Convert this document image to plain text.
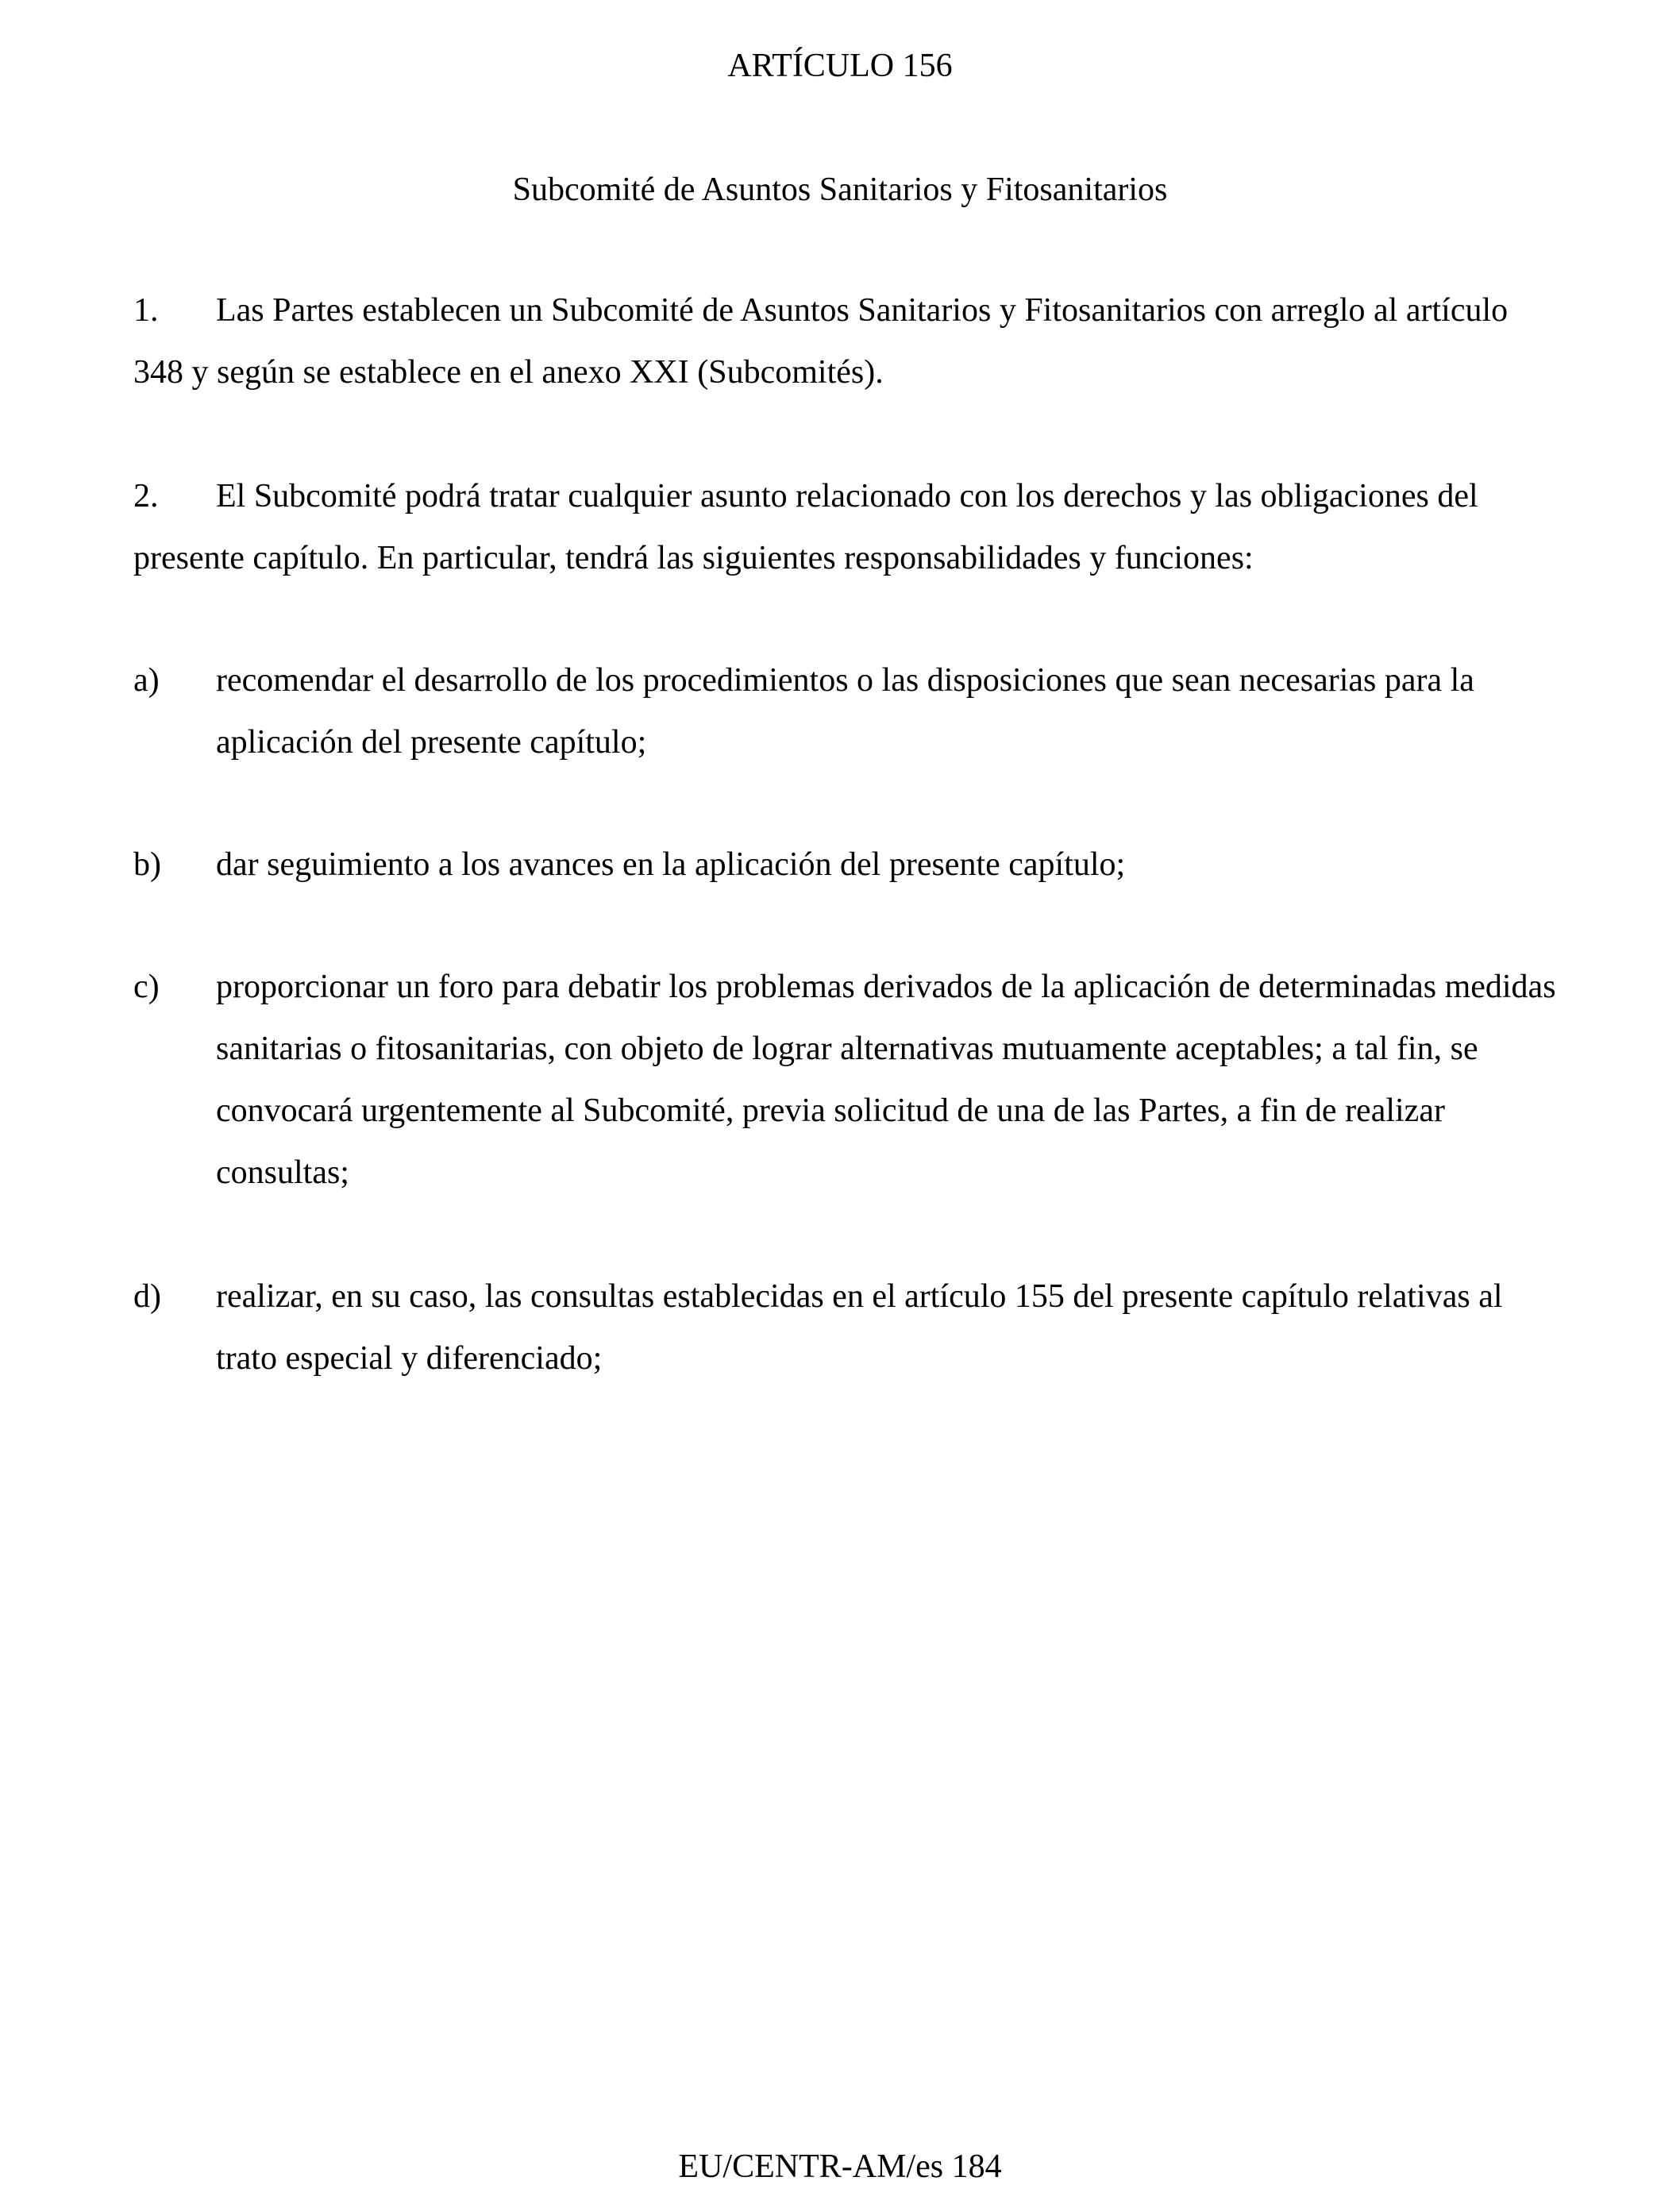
ARTÍCULO 156
Subcomité de Asuntos Sanitarios y Fitosanitarios
1. Las Partes establecen un Subcomité de Asuntos Sanitarios y Fitosanitarios con arreglo al artículo 348 y según se establece en el anexo XXI (Subcomités).
2. El Subcomité podrá tratar cualquier asunto relacionado con los derechos y las obligaciones del presente capítulo. En particular, tendrá las siguientes responsabilidades y funciones:
a)	recomendar el desarrollo de los procedimientos o las disposiciones que sean necesarias para la aplicación del presente capítulo;
b)	dar seguimiento a los avances en la aplicación del presente capítulo;
c)	proporcionar un foro para debatir los problemas derivados de la aplicación de determinadas medidas sanitarias o fitosanitarias, con objeto de lograr alternativas mutuamente aceptables; a tal fin, se convocará urgentemente al Subcomité, previa solicitud de una de las Partes, a fin de realizar consultas;
d)	realizar, en su caso, las consultas establecidas en el artículo 155 del presente capítulo relativas al trato especial y diferenciado;
EU/CENTR-AM/es 184
